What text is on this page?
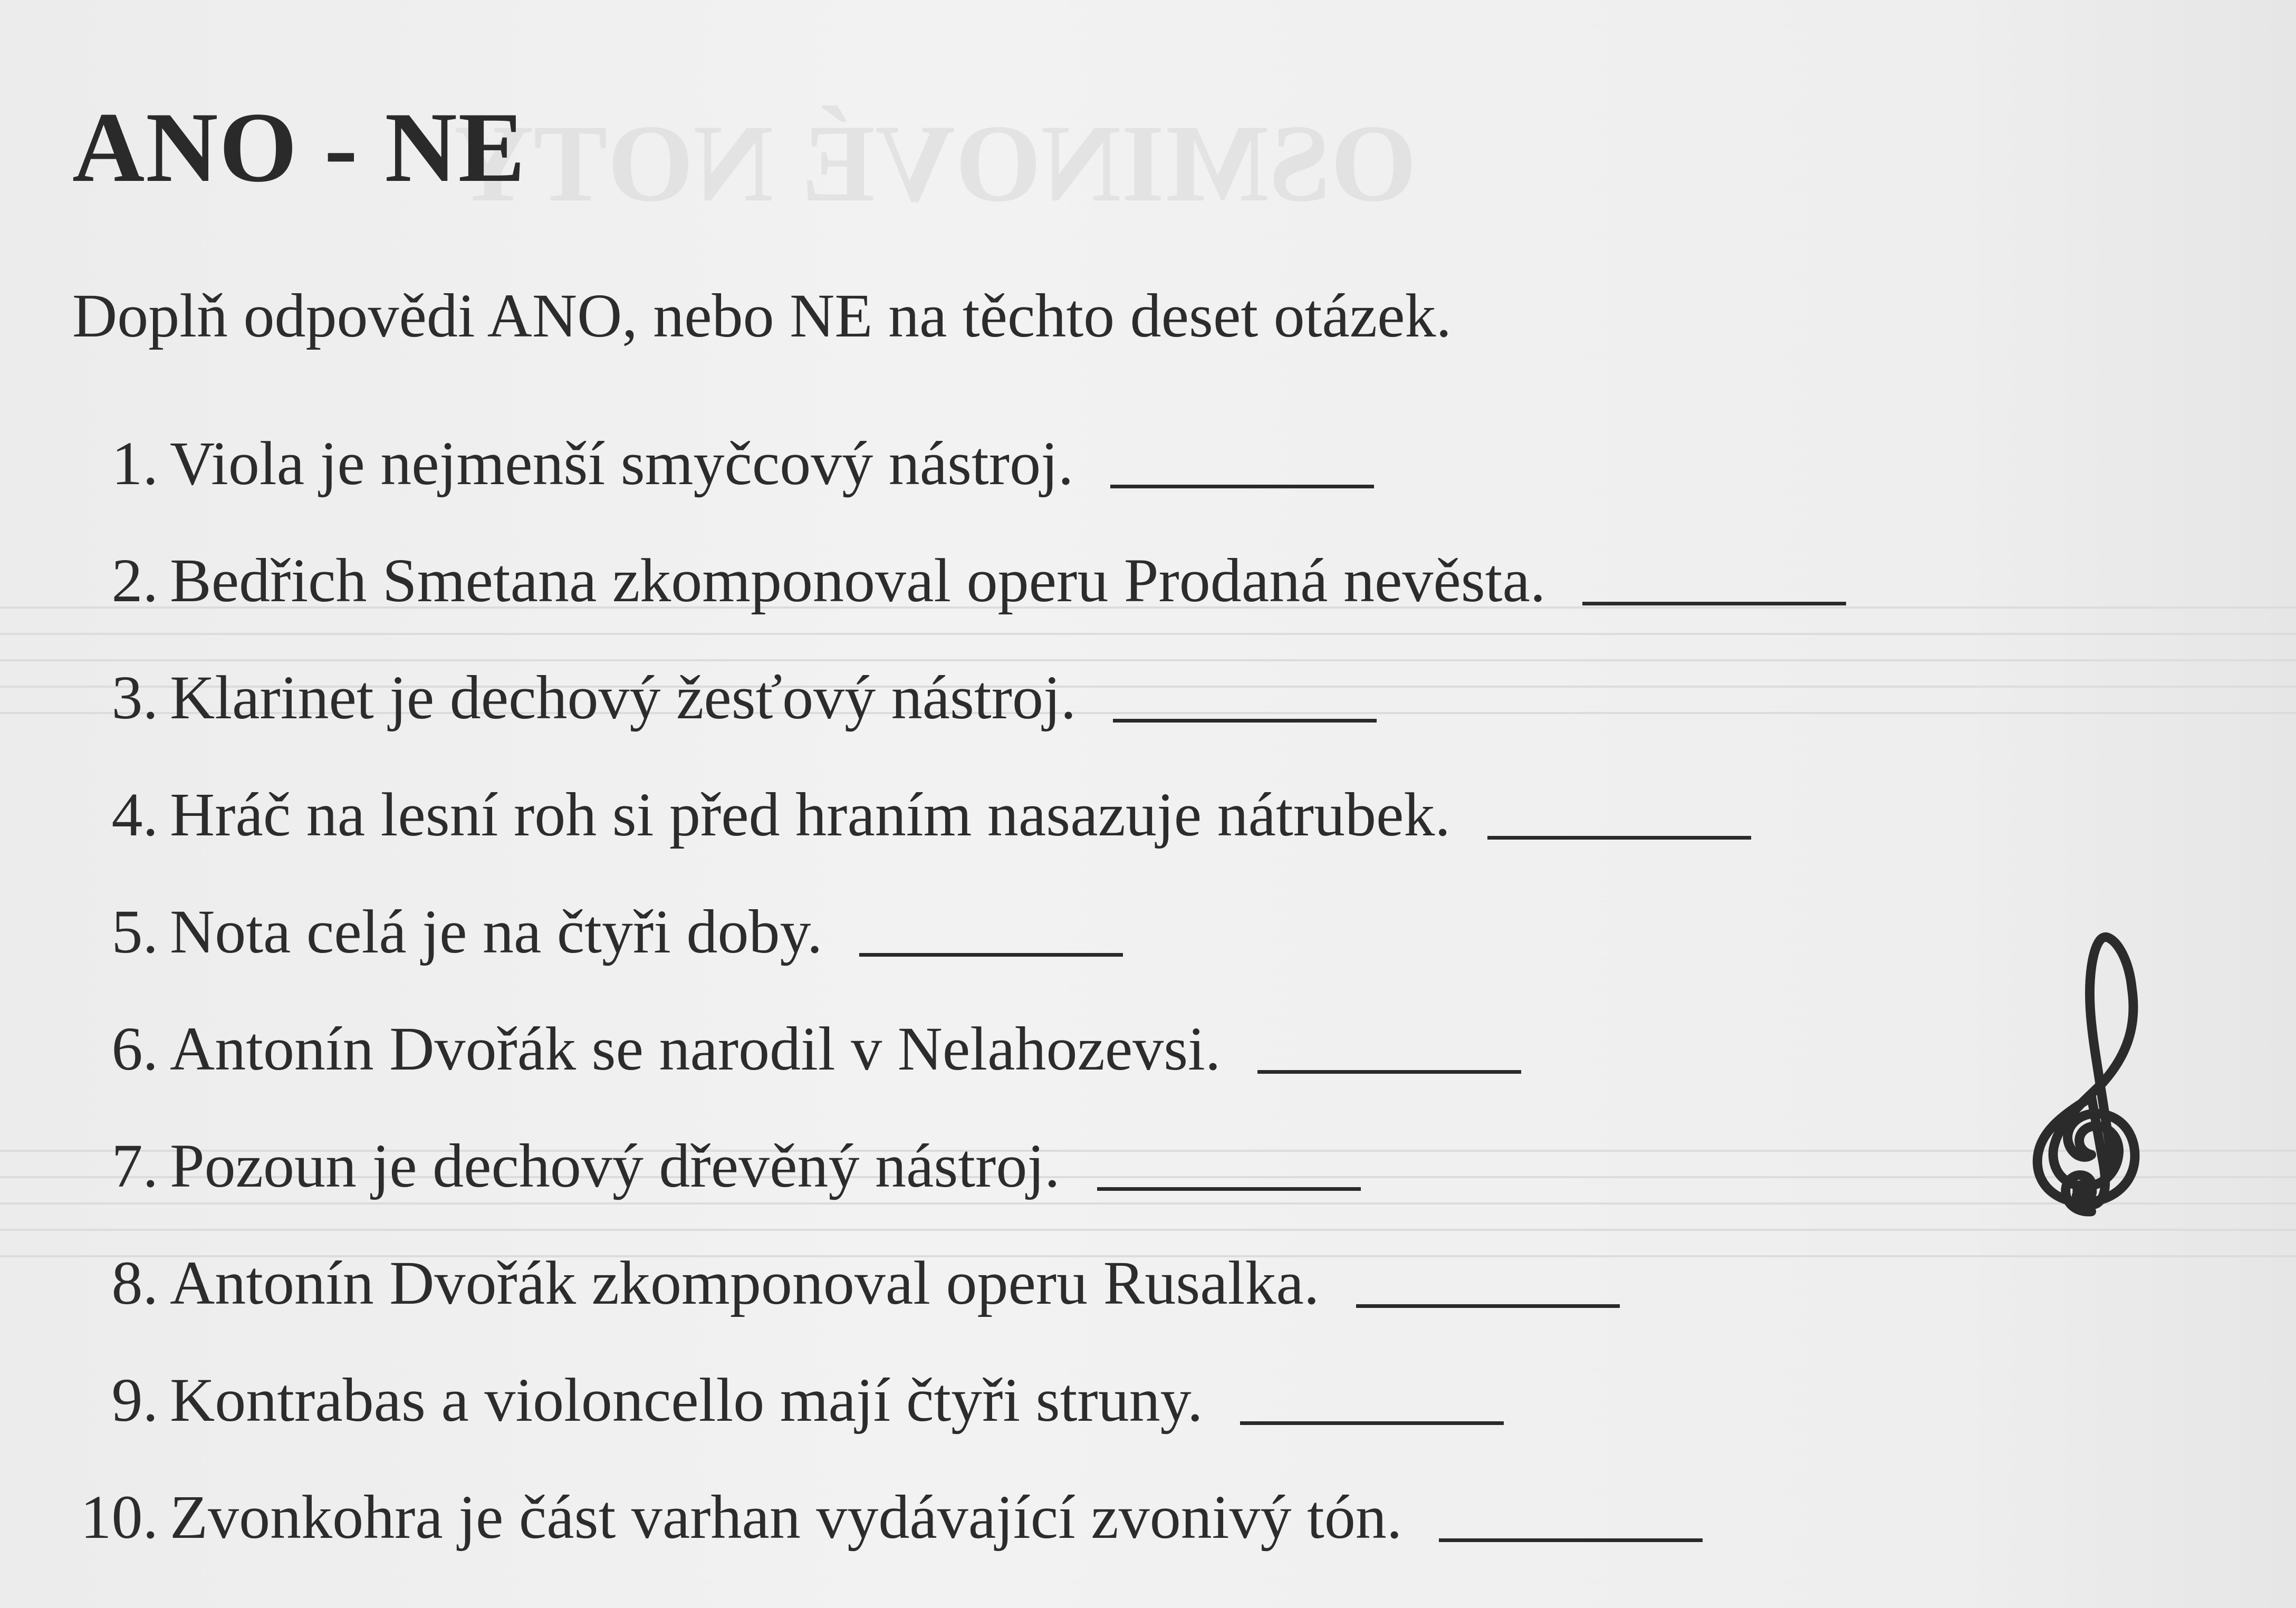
OSMINOVÉ NOTY
ANO - NE
Doplň odpovědi ANO, nebo NE na těchto deset otázek.
1. Viola je nejmenší smyčcový nástroj.
2. Bedřich Smetana zkomponoval operu Prodaná nevěsta.
3. Klarinet je dechový žesťový nástroj.
4. Hráč na lesní roh si před hraním nasazuje nátrubek.
5. Nota celá je na čtyři doby.
6. Antonín Dvořák se narodil v Nelahozevsi.
7. Pozoun je dechový dřevěný nástroj.
8. Antonín Dvořák zkomponoval operu Rusalka.
9. Kontrabas a violoncello mají čtyři struny.
10. Zvonkohra je část varhan vydávající zvonivý tón.
